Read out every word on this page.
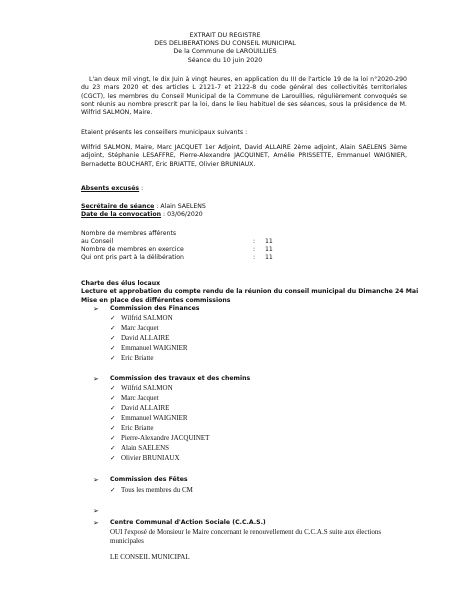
EXTRAIT DU REGISTRE
DES DELIBERATIONS DU CONSEIL MUNICIPAL
De la Commune de LAROUILLIES
Séance du 10 juin 2020
L'an deux mil vingt, le dix Juin à vingt heures, en application du III de l'article 19 de la loi n°2020-290 du 23 mars 2020 et des articles L 2121-7 et 2122-8 du code général des collectivités territoriales (CGCT), les membres du Conseil Municipal de la Commune de Larouillies, régulièrement convoqués se sont réunis au nombre prescrit par la loi, dans le lieu habituel de ses séances, sous la présidence de M. Wilfrid SALMON, Maire.
Etaient présents les conseillers municipaux suivants :
Wilfrid SALMON, Maire, Marc JACQUET 1er Adjoint, David ALLAIRE 2ème adjoint, Alain SAELENS 3ème adjoint, Stéphanie LESAFFRE, Pierre-Alexandre JACQUINET, Amélie PRISSETTE, Emmanuel WAIGNIER, Bernadette BOUCHART, Eric BRIATTE, Olivier BRUNIAUX.
Absents excusés :
Secrétaire de séance : Alain SAELENS
Date de la convocation : 03/06/2020
Nombre de membres afférents
au Conseil	: 11
Nombre de membres en exercice	: 11
Qui ont pris part à la délibération	: 11
Charte des élus locaux
Lecture et approbation du compte rendu de la réunion du conseil municipal du Dimanche 24 Mai
Mise en place des différentes commissions
➢ Commission des Finances
✓ Wilfrid SALMON
✓ Marc Jacquet
✓ David ALLAIRE
✓ Emmanuel WAIGNIER
✓ Eric Briatte
➢ Commission des travaux et des chemins
✓ Wilfrid SALMON
✓ Marc Jacquet
✓ David ALLAIRE
✓ Emmanuel WAIGNIER
✓ Eric Briatte
✓ Pierre-Alexandre JACQUINET
✓ Alain SAELENS
✓ Olivier BRUNIAUX
➢ Commission des Fêtes
✓ Tous les membres du CM
➢
➢ Centre Communal d'Action Sociale (C.C.A.S.)
OUI l'exposé de Monsieur le Maire concernant le renouvellement du C.C.A.S suite aux élections
municipales
LE CONSEIL MUNICIPAL
